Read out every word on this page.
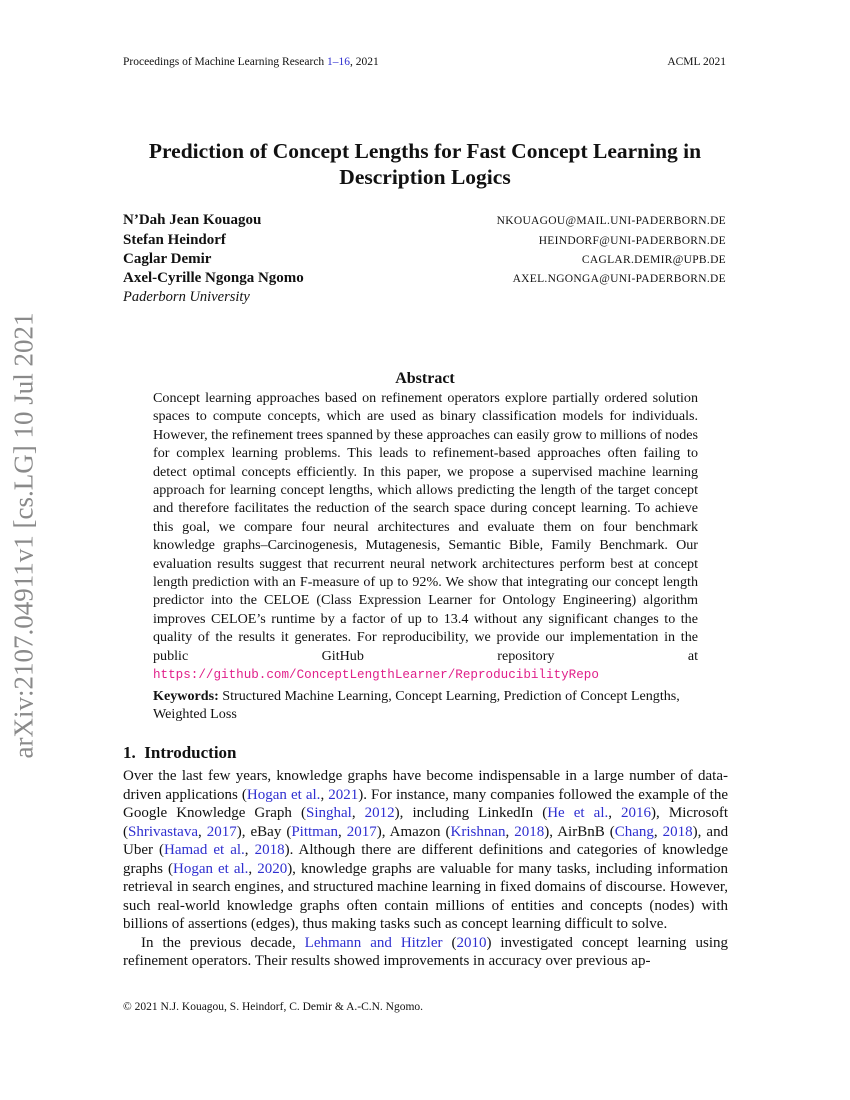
Proceedings of Machine Learning Research 1–16, 2021	ACML 2021
arXiv:2107.04911v1 [cs.LG] 10 Jul 2021
Prediction of Concept Lengths for Fast Concept Learning in Description Logics
N’Dah Jean Kouagou	NKOUAGOU@MAIL.UNI-PADERBORN.DE
Stefan Heindorf	HEINDORF@UNI-PADERBORN.DE
Caglar Demir	CAGLAR.DEMIR@UPB.DE
Axel-Cyrille Ngonga Ngomo	AXEL.NGONGA@UNI-PADERBORN.DE
Paderborn University
Abstract
Concept learning approaches based on refinement operators explore partially ordered solution spaces to compute concepts, which are used as binary classification models for individuals. However, the refinement trees spanned by these approaches can easily grow to millions of nodes for complex learning problems. This leads to refinement-based approaches often failing to detect optimal concepts efficiently. In this paper, we propose a supervised machine learning approach for learning concept lengths, which allows predicting the length of the target concept and therefore facilitates the reduction of the search space during concept learning. To achieve this goal, we compare four neural architectures and evaluate them on four benchmark knowledge graphs–Carcinogenesis, Mutagenesis, Semantic Bible, Family Benchmark. Our evaluation results suggest that recurrent neural network architectures perform best at concept length prediction with an F-measure of up to 92%. We show that integrating our concept length predictor into the CELOE (Class Expression Learner for Ontology Engineering) algorithm improves CELOE’s runtime by a factor of up to 13.4 without any significant changes to the quality of the results it generates. For reproducibility, we provide our implementation in the public GitHub repository at https://github.com/ConceptLengthLearner/ReproducibilityRepo
Keywords: Structured Machine Learning, Concept Learning, Prediction of Concept Lengths, Weighted Loss
1. Introduction
Over the last few years, knowledge graphs have become indispensable in a large number of data-driven applications (Hogan et al., 2021). For instance, many companies followed the example of the Google Knowledge Graph (Singhal, 2012), including LinkedIn (He et al., 2016), Microsoft (Shrivastava, 2017), eBay (Pittman, 2017), Amazon (Krishnan, 2018), AirBnB (Chang, 2018), and Uber (Hamad et al., 2018). Although there are different definitions and categories of knowledge graphs (Hogan et al., 2020), knowledge graphs are valuable for many tasks, including information retrieval in search engines, and structured machine learning in fixed domains of discourse. However, such real-world knowledge graphs often contain millions of entities and concepts (nodes) with billions of assertions (edges), thus making tasks such as concept learning difficult to solve.
In the previous decade, Lehmann and Hitzler (2010) investigated concept learning using refinement operators. Their results showed improvements in accuracy over previous ap-
© 2021 N.J. Kouagou, S. Heindorf, C. Demir & A.-C.N. Ngomo.
